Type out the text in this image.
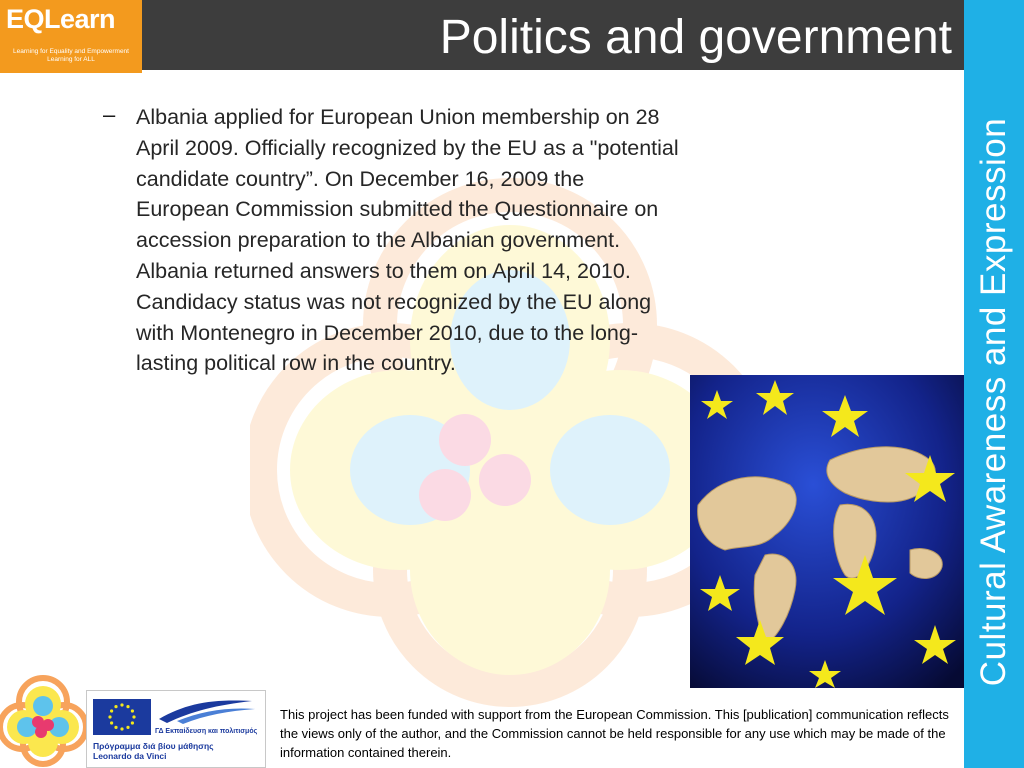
EQLearn
Learning for Equality and Empowerment
Learning for ALL	Politics and government
Cultural Awareness and Expression
– Albania applied for European Union membership on 28 April 2009. Officially recognized by the EU as a "potential candidate country”. On December 16, 2009 the European Commission submitted the Questionnaire on accession preparation to the Albanian government. Albania returned answers to them on April 14, 2010. Candidacy status was not recognized by the EU along with Montenegro in December 2010, due to the long-lasting political row in the country.
ΓΔ Εκπαίδευση και πολιτισμός
Πρόγραμμα διά βίου μάθησης
Leonardo da Vinci
This project has been funded with support from the European Commission. This [publication] communication reflects the views only of the author, and the Commission cannot be held responsible for any use which may be made of the information contained therein.
